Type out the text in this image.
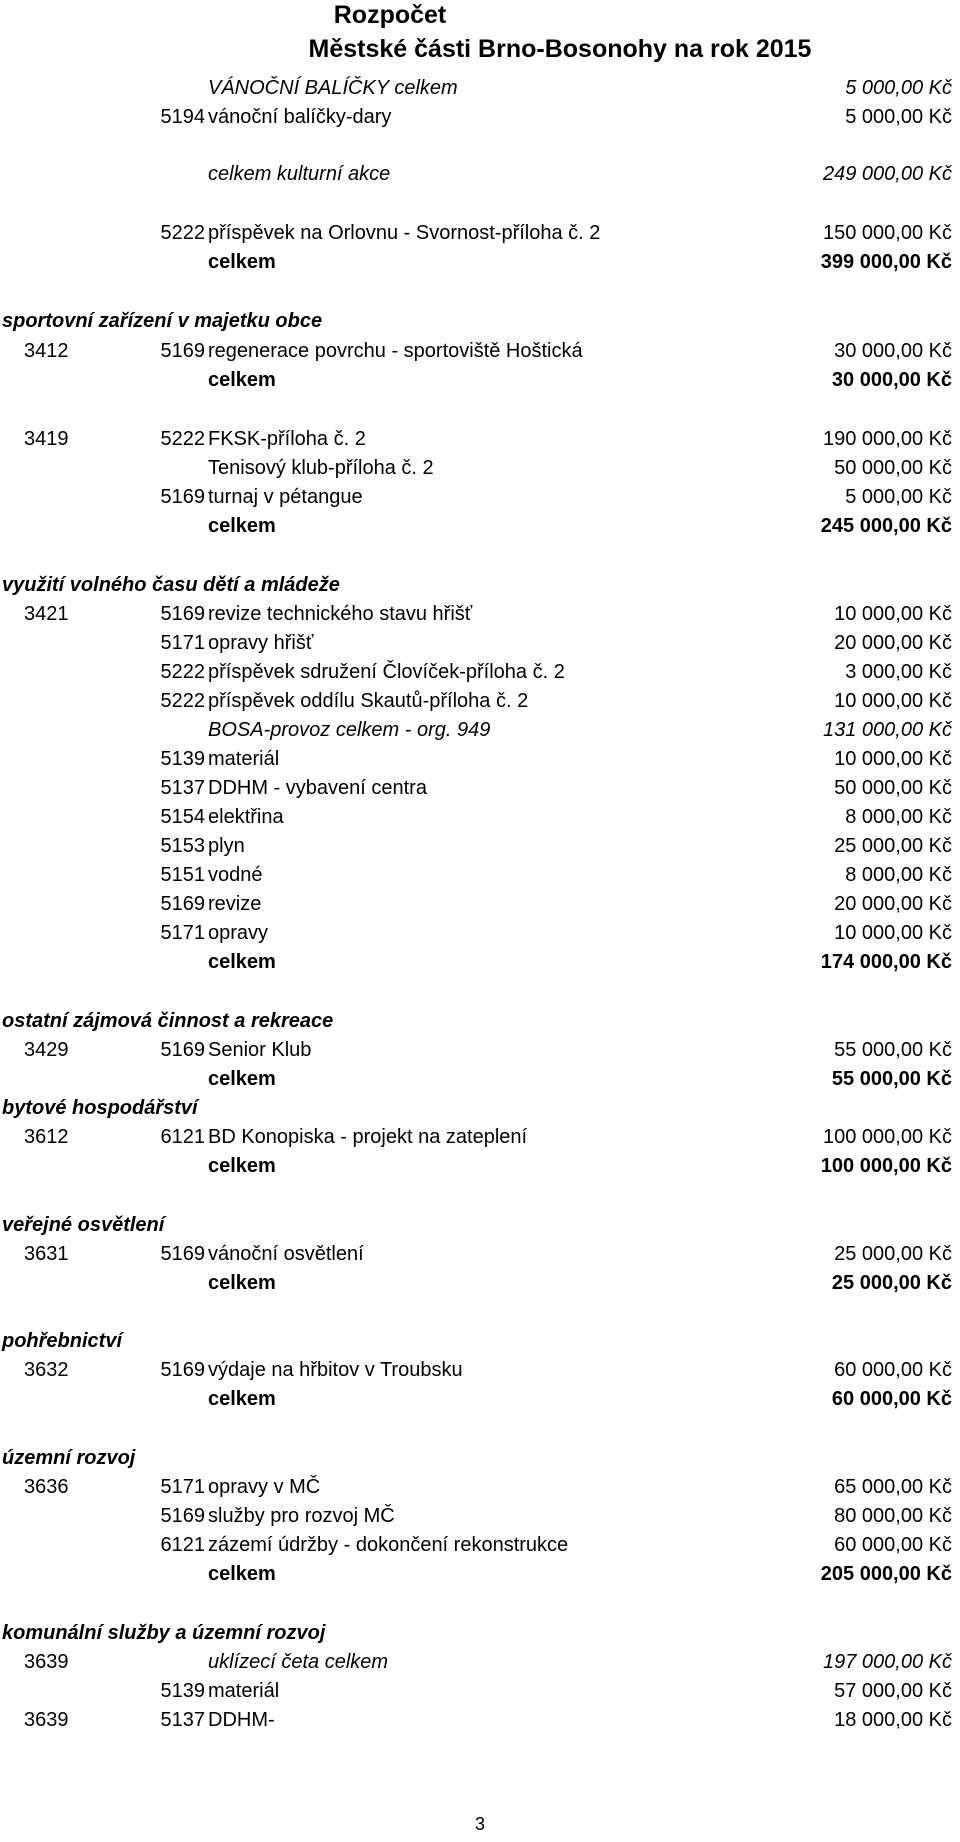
Rozpočet
Městské části Brno-Bosonohy na rok 2015
VÁNOČNÍ BALÍČKY celkem	5 000,00 Kč
5194 vánoční balíčky-dary	5 000,00 Kč
celkem kulturní akce	249 000,00 Kč
5222 příspěvek na Orlovnu - Svornost-příloha č. 2	150 000,00 Kč
celkem	399 000,00 Kč
sportovní zařízení v majetku obce
3412	5169 regenerace povrchu - sportoviště Hoštická	30 000,00 Kč
celkem	30 000,00 Kč
3419	5222 FKSK-příloha č. 2	190 000,00 Kč
Tenisový klub-příloha č. 2	50 000,00 Kč
5169 turnaj v pétangue	5 000,00 Kč
celkem	245 000,00 Kč
využití volného času dětí a mládeže
3421	5169 revize technického stavu hřišť	10 000,00 Kč
5171 opravy hřišť	20 000,00 Kč
5222 příspěvek sdružení Človíček-příloha č. 2	3 000,00 Kč
5222 příspěvek oddílu Skautů-příloha č. 2	10 000,00 Kč
BOSA-provoz celkem - org. 949	131 000,00 Kč
5139 materiál	10 000,00 Kč
5137 DDHM - vybavení centra	50 000,00 Kč
5154 elektřina	8 000,00 Kč
5153 plyn	25 000,00 Kč
5151 vodné	8 000,00 Kč
5169 revize	20 000,00 Kč
5171 opravy	10 000,00 Kč
celkem	174 000,00 Kč
ostatní zájmová činnost a rekreace
3429	5169 Senior Klub	55 000,00 Kč
celkem	55 000,00 Kč
bytové hospodářství
3612	6121 BD Konopiska - projekt na zateplení	100 000,00 Kč
celkem	100 000,00 Kč
veřejné osvětlení
3631	5169 vánoční osvětlení	25 000,00 Kč
celkem	25 000,00 Kč
pohřebnictví
3632	5169 výdaje na hřbitov v Troubsku	60 000,00 Kč
celkem	60 000,00 Kč
územní rozvoj
3636	5171 opravy v MČ	65 000,00 Kč
5169 služby pro rozvoj MČ	80 000,00 Kč
6121 zázemí údržby - dokončení rekonstrukce	60 000,00 Kč
celkem	205 000,00 Kč
komunální služby a územní rozvoj
3639	uklízecí četa celkem	197 000,00 Kč
5139 materiál	57 000,00 Kč
3639	5137 DDHM-	18 000,00 Kč
3
